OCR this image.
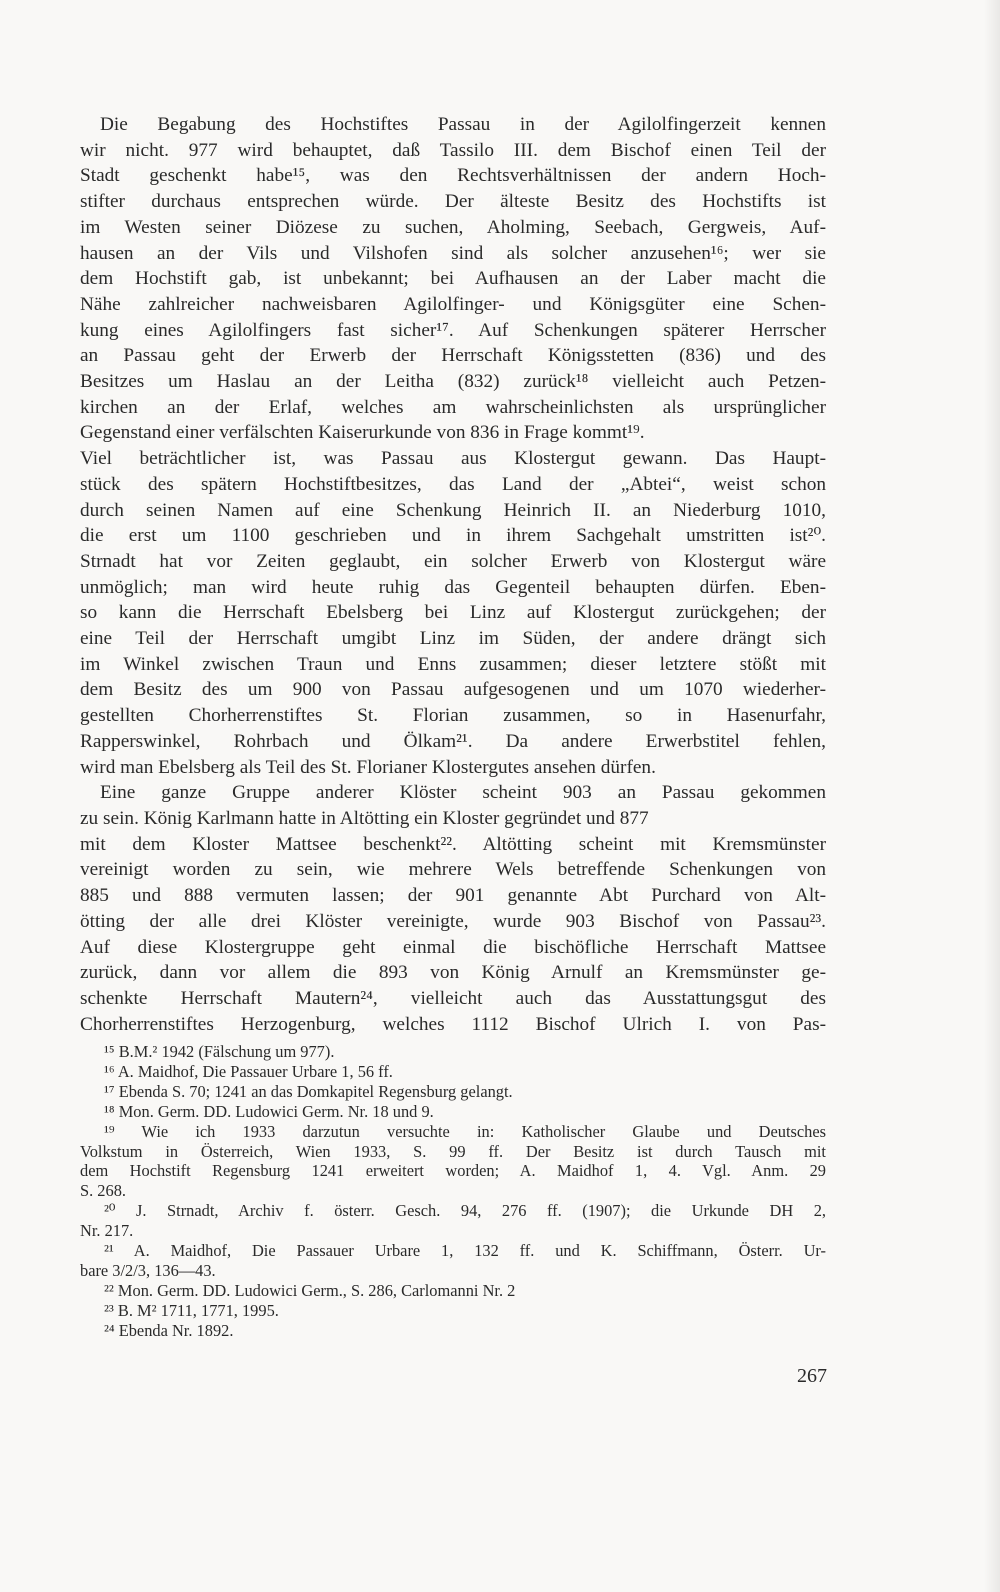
Die Begabung des Hochstiftes Passau in der Agilolfingerzeit kennen
wir nicht. 977 wird behauptet, daß Tassilo III. dem Bischof einen Teil der
Stadt geschenkt habe¹⁵, was den Rechtsverhältnissen der andern Hoch-
stifter durchaus entsprechen würde. Der älteste Besitz des Hochstifts ist
im Westen seiner Diözese zu suchen, Aholming, Seebach, Gergweis, Auf-
hausen an der Vils und Vilshofen sind als solcher anzusehen¹⁶; wer sie
dem Hochstift gab, ist unbekannt; bei Aufhausen an der Laber macht die
Nähe zahlreicher nachweisbaren Agilolfinger- und Königsgüter eine Schen-
kung eines Agilolfingers fast sicher¹⁷. Auf Schenkungen späterer Herrscher
an Passau geht der Erwerb der Herrschaft Königsstetten (836) und des
Besitzes um Haslau an der Leitha (832) zurück¹⁸ vielleicht auch Petzen-
kirchen an der Erlaf, welches am wahrscheinlichsten als ursprünglicher
Gegenstand einer verfälschten Kaiserurkunde von 836 in Frage kommt¹⁹.
Viel beträchtlicher ist, was Passau aus Klostergut gewann. Das Haupt-
stück des spätern Hochstiftbesitzes, das Land der „Abtei“, weist schon
durch seinen Namen auf eine Schenkung Heinrich II. an Niederburg 1010,
die erst um 1100 geschrieben und in ihrem Sachgehalt umstritten ist²⁰.
Strnadt hat vor Zeiten geglaubt, ein solcher Erwerb von Klostergut wäre
unmöglich; man wird heute ruhig das Gegenteil behaupten dürfen. Eben-
so kann die Herrschaft Ebelsberg bei Linz auf Klostergut zurückgehen; der
eine Teil der Herrschaft umgibt Linz im Süden, der andere drängt sich
im Winkel zwischen Traun und Enns zusammen; dieser letztere stößt mit
dem Besitz des um 900 von Passau aufgesogenen und um 1070 wiederher-
gestellten Chorherrenstiftes St. Florian zusammen, so in Hasenurfahr,
Rapperswinkel, Rohrbach und Ölkam²¹. Da andere Erwerbstitel fehlen,
wird man Ebelsberg als Teil des St. Florianer Klostergutes ansehen dürfen.
Eine ganze Gruppe anderer Klöster scheint 903 an Passau gekommen
zu sein. König Karlmann hatte in Altötting ein Kloster gegründet und 877
mit dem Kloster Mattsee beschenkt²². Altötting scheint mit Kremsmünster
vereinigt worden zu sein, wie mehrere Wels betreffende Schenkungen von
885 und 888 vermuten lassen; der 901 genannte Abt Purchard von Alt-
ötting der alle drei Klöster vereinigte, wurde 903 Bischof von Passau²³.
Auf diese Klostergruppe geht einmal die bischöfliche Herrschaft Mattsee
zurück, dann vor allem die 893 von König Arnulf an Kremsmünster ge-
schenkte Herrschaft Mautern²⁴, vielleicht auch das Ausstattungsgut des
Chorherrenstiftes Herzogenburg, welches 1112 Bischof Ulrich I. von Pas-
¹⁵ B.M.² 1942 (Fälschung um 977).
¹⁶ A. Maidhof, Die Passauer Urbare 1, 56 ff.
¹⁷ Ebenda S. 70; 1241 an das Domkapitel Regensburg gelangt.
¹⁸ Mon. Germ. DD. Ludowici Germ. Nr. 18 und 9.
¹⁹ Wie ich 1933 darzutun versuchte in: Katholischer Glaube und Deutsches
Volkstum in Österreich, Wien 1933, S. 99 ff. Der Besitz ist durch Tausch mit
dem Hochstift Regensburg 1241 erweitert worden; A. Maidhof 1, 4. Vgl. Anm. 29
S. 268.
²⁰ J. Strnadt, Archiv f. österr. Gesch. 94, 276 ff. (1907); die Urkunde DH 2,
Nr. 217.
²¹ A. Maidhof, Die Passauer Urbare 1, 132 ff. und K. Schiffmann, Österr. Ur-
bare 3/2/3, 136—43.
²² Mon. Germ. DD. Ludowici Germ., S. 286, Carlomanni Nr. 2
²³ B. M² 1711, 1771, 1995.
²⁴ Ebenda Nr. 1892.
267
